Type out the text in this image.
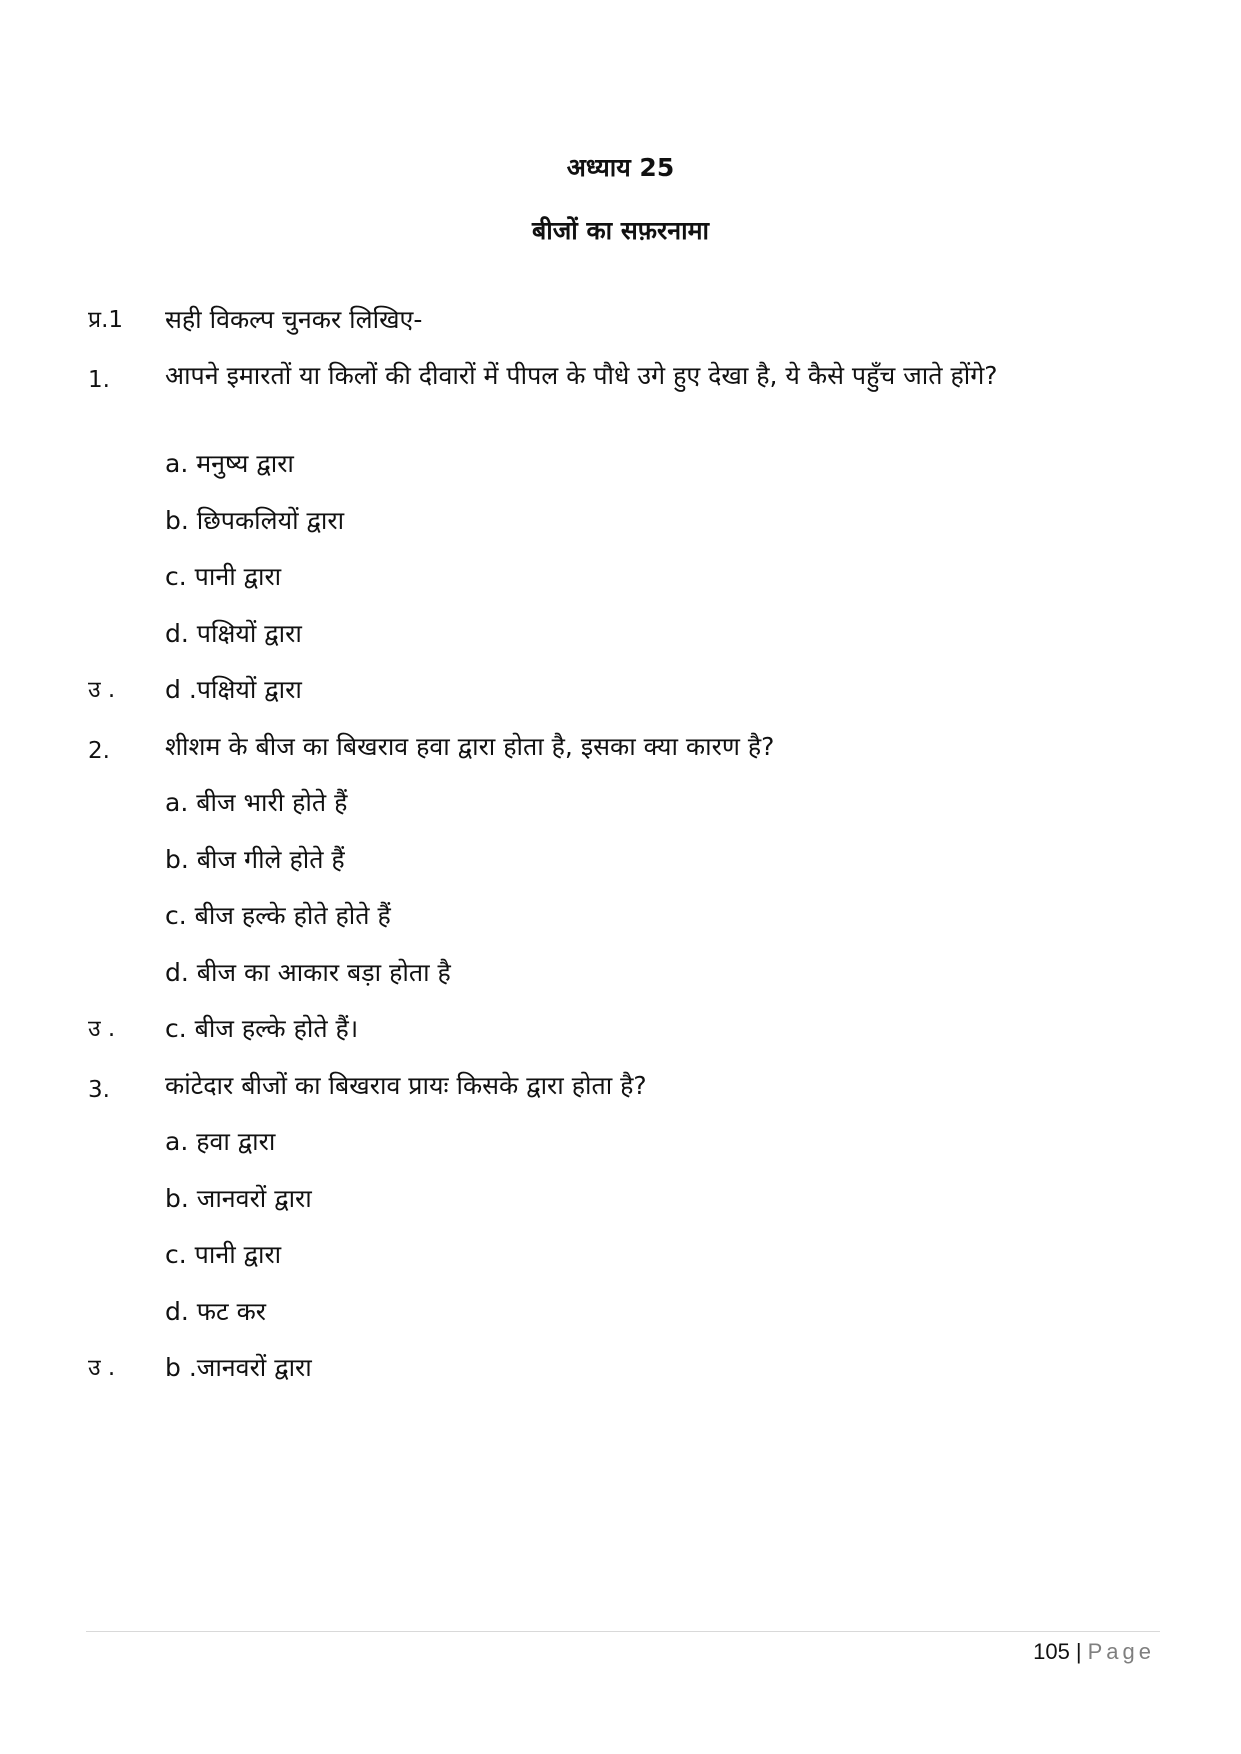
अध्याय 25
बीजों का सफ़रनामा
प्र.1 सही विकल्प चुनकर लिखिए-
1. आपने इमारतों या किलों की दीवारों में पीपल के पौधे उगे हुए देखा है, ये कैसे पहुँच जाते होंगे?
a. मनुष्य द्वारा
b. छिपकलियों द्वारा
c. पानी द्वारा
d. पक्षियों द्वारा
उ . d .पक्षियों द्वारा
2. शीशम के बीज का बिखराव हवा द्वारा होता है, इसका क्या कारण है?
a. बीज भारी होते हैं
b. बीज गीले होते हैं
c. बीज हल्के होते होते हैं
d. बीज का आकार बड़ा होता है
उ . c. बीज हल्के होते हैं।
3. कांटेदार बीजों का बिखराव प्रायः किसके द्वारा होता है?
a. हवा द्वारा
b. जानवरों द्वारा
c. पानी द्वारा
d. फट कर
उ . b .जानवरों द्वारा
105 | Page
